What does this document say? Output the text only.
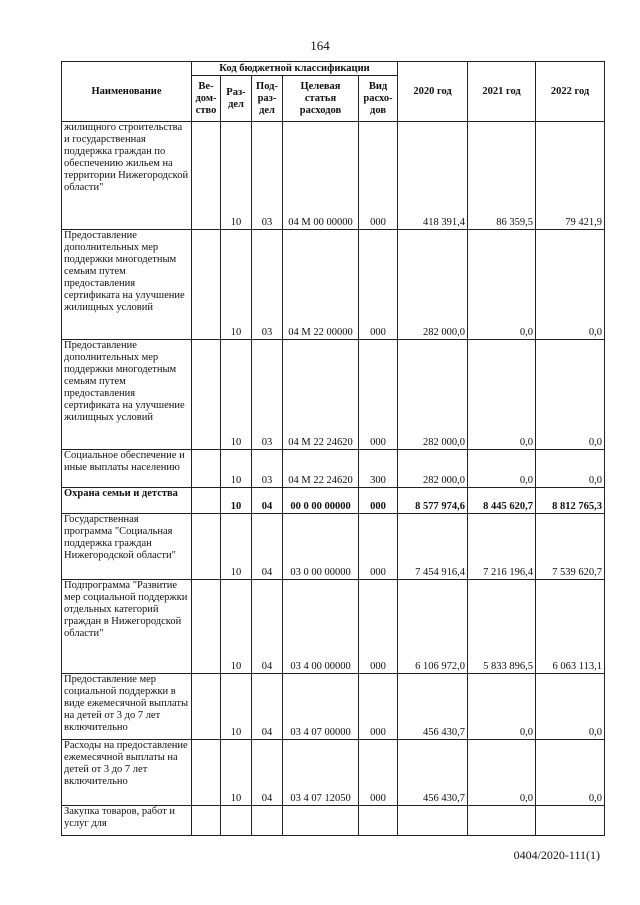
164
Наименование	Код бюджетной классификации					2020 год	2021 год	2022 год
	Ве-дом-ство	Раз-дел	Под-раз-дел	Целевая статья расходов	Вид расхо-дов			
жилищного строительства и государственная поддержка граждан по обеспечению жильем на территории Нижегородской области"		10	03	04 М 00 00000	000	418 391,4	86 359,5	79 421,9
Предоставление дополнительных мер поддержки многодетным семьям путем предоставления сертификата на улучшение жилищных условий		10	03	04 М 22 00000	000	282 000,0	0,0	0,0
Предоставление дополнительных мер поддержки многодетным семьям путем предоставления сертификата на улучшение жилищных условий		10	03	04 М 22 24620	000	282 000,0	0,0	0,0
Социальное обеспечение и иные выплаты населению		10	03	04 М 22 24620	300	282 000,0	0,0	0,0
Охрана семьи и детства		10	04	00 0 00 00000	000	8 577 974,6	8 445 620,7	8 812 765,3
Государственная программа "Социальная поддержка граждан Нижегородской области"		10	04	03 0 00 00000	000	7 454 916,4	7 216 196,4	7 539 620,7
Подпрограмма "Развитие мер социальной поддержки отдельных категорий граждан в Нижегородской области"		10	04	03 4 00 00000	000	6 106 972,0	5 833 896,5	6 063 113,1
Предоставление мер социальной поддержки в виде ежемесячной выплаты на детей от 3 до 7 лет включительно		10	04	03 4 07 00000	000	456 430,7	0,0	0,0
Расходы на предоставление ежемесячной выплаты на детей от 3 до 7 лет включительно		10	04	03 4 07 12050	000	456 430,7	0,0	0,0
Закупка товаров, работ и услуг для								
0404/2020-111(1)
